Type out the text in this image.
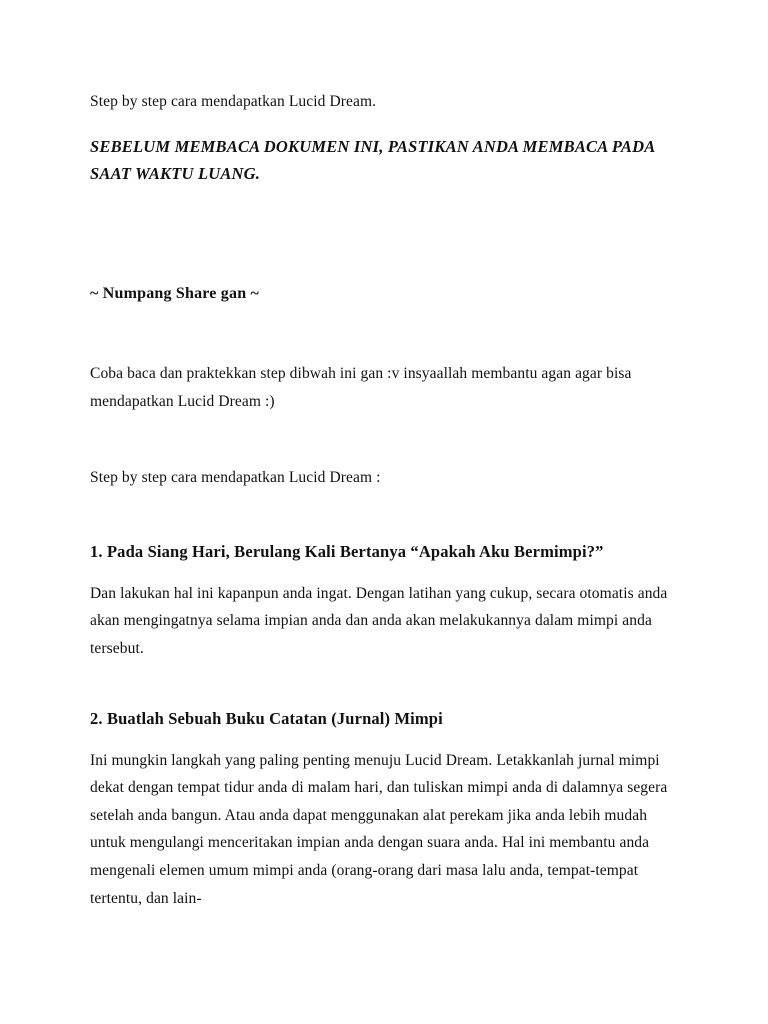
Step by step cara mendapatkan Lucid Dream.

SEBELUM MEMBACA DOKUMEN INI, PASTIKAN ANDA MEMBACA PADA SAAT WAKTU LUANG.

~ Numpang Share gan ~

Coba baca dan praktekkan step dibwah ini gan :v insyaallah membantu agan agar bisa mendapatkan Lucid Dream :)

Step by step cara mendapatkan Lucid Dream :

1. Pada Siang Hari, Berulang Kali Bertanya “Apakah Aku Bermimpi?”

Dan lakukan hal ini kapanpun anda ingat. Dengan latihan yang cukup, secara otomatis anda akan mengingatnya selama impian anda dan anda akan melakukannya dalam mimpi anda tersebut.

2. Buatlah Sebuah Buku Catatan (Jurnal) Mimpi

Ini mungkin langkah yang paling penting menuju Lucid Dream. Letakkanlah jurnal mimpi dekat dengan tempat tidur anda di malam hari, dan tuliskan mimpi anda di dalamnya segera setelah anda bangun. Atau anda dapat menggunakan alat perekam jika anda lebih mudah untuk mengulangi menceritakan impian anda dengan suara anda. Hal ini membantu anda mengenali elemen umum mimpi anda (orang-orang dari masa lalu anda, tempat-tempat tertentu, dan lain-
